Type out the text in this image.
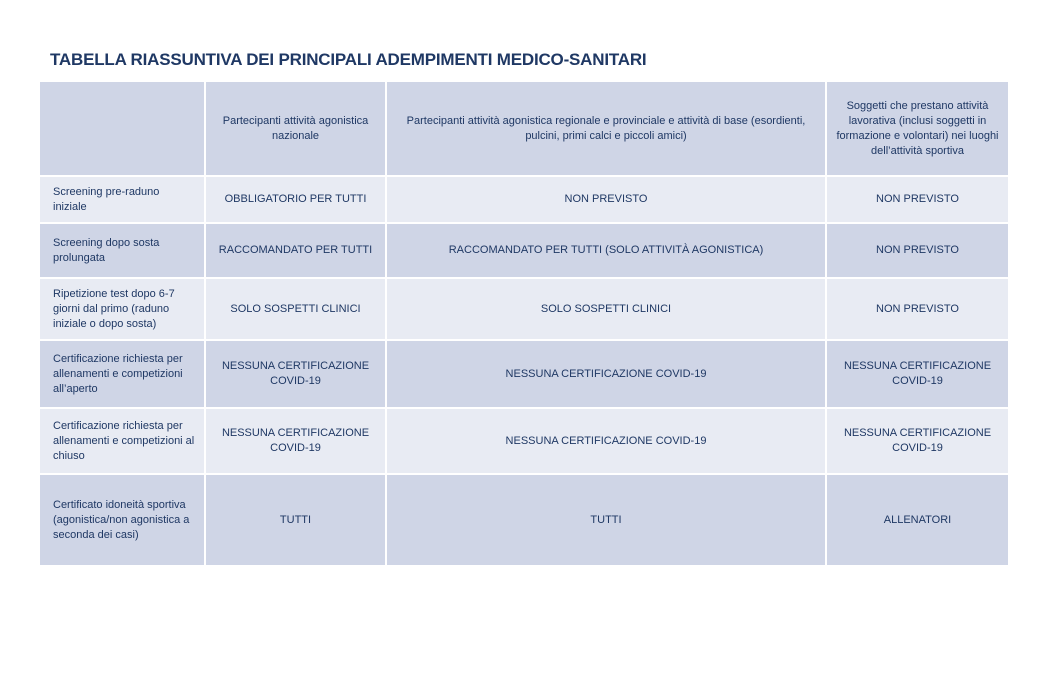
TABELLA RIASSUNTIVA DEI PRINCIPALI ADEMPIMENTI MEDICO-SANITARI
	Partecipanti attività agonistica nazionale	Partecipanti attività agonistica regionale e provinciale e attività di base (esordienti, pulcini, primi calci e piccoli amici)	Soggetti che prestano attività lavorativa (inclusi soggetti in formazione e volontari) nei luoghi dell’attività sportiva
Screening pre-raduno iniziale	OBBLIGATORIO PER TUTTI	NON PREVISTO	NON PREVISTO
Screening dopo sosta prolungata	RACCOMANDATO PER TUTTI	RACCOMANDATO PER TUTTI (SOLO ATTIVITÀ AGONISTICA)	NON PREVISTO
Ripetizione test dopo 6-7 giorni dal primo (raduno iniziale o dopo sosta)	SOLO SOSPETTI CLINICI	SOLO SOSPETTI CLINICI	NON PREVISTO
Certificazione richiesta per allenamenti e competizioni all’aperto	NESSUNA CERTIFICAZIONE COVID-19	NESSUNA CERTIFICAZIONE COVID-19	NESSUNA CERTIFICAZIONE COVID-19
Certificazione richiesta per allenamenti e competizioni al chiuso	NESSUNA CERTIFICAZIONE COVID-19	NESSUNA CERTIFICAZIONE COVID-19	NESSUNA CERTIFICAZIONE COVID-19
Certificato idoneità sportiva (agonistica/non agonistica a seconda dei casi)	TUTTI	TUTTI	ALLENATORI
